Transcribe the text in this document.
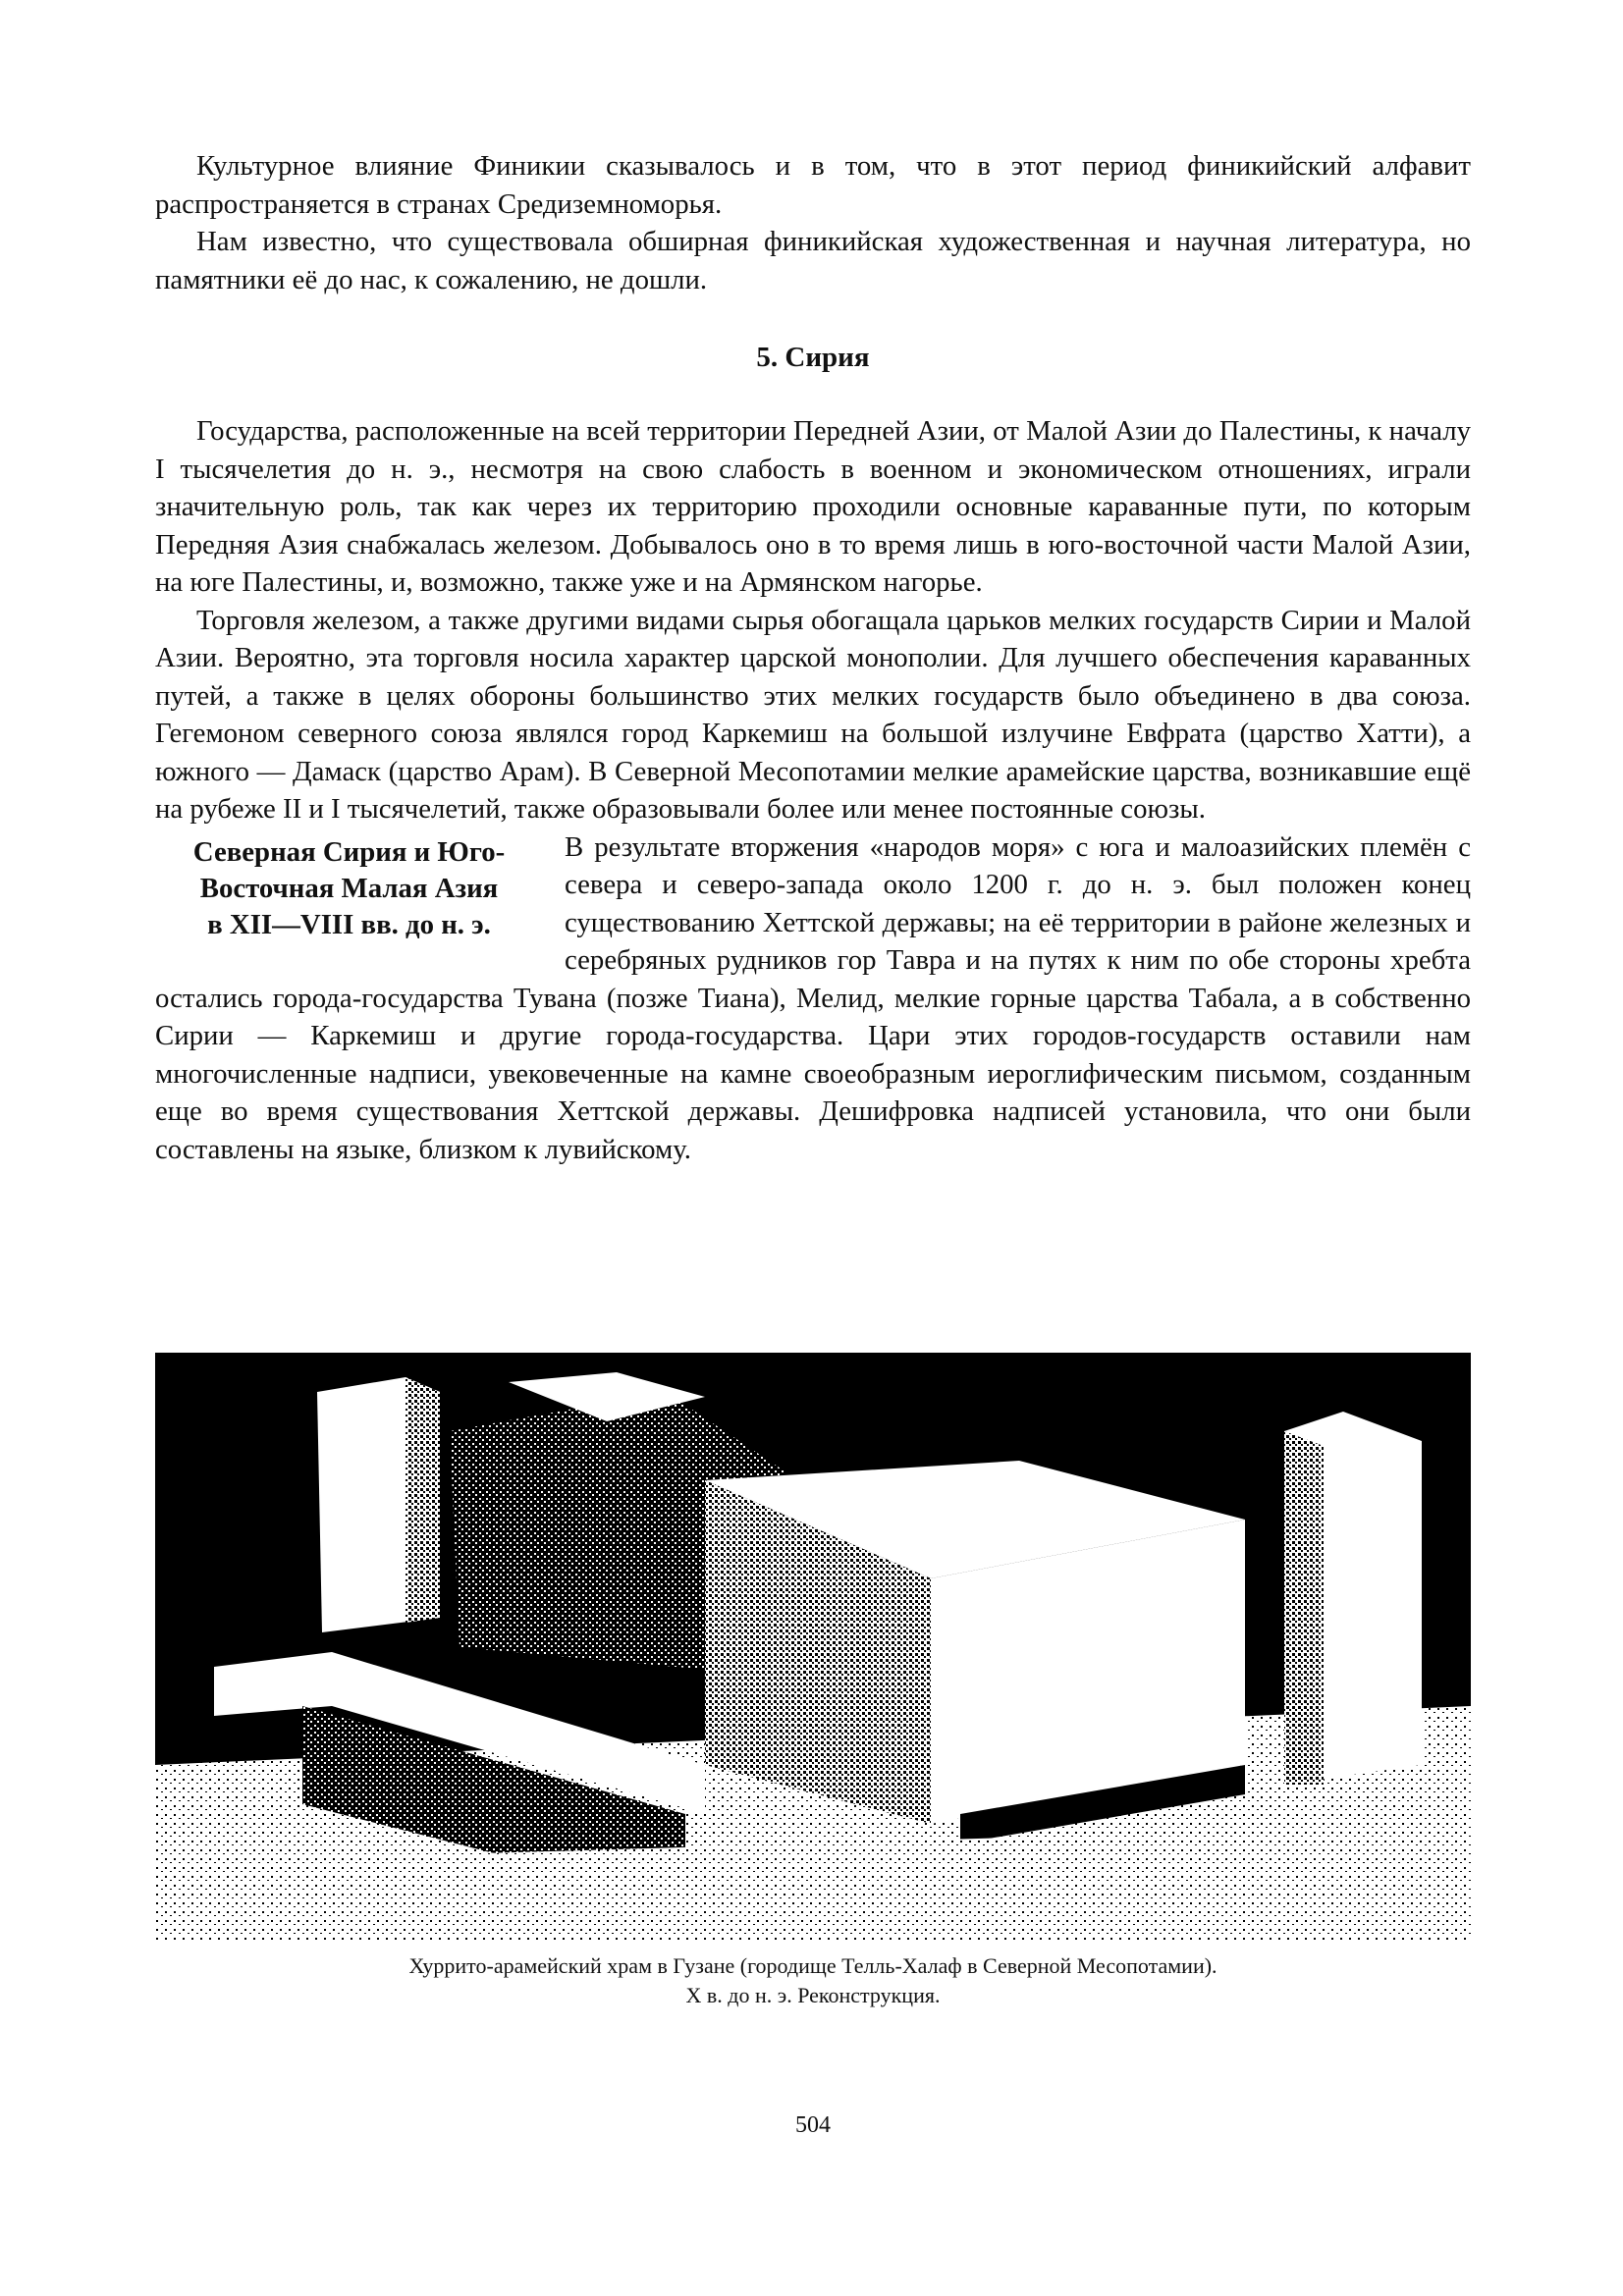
Культурное влияние Финикии сказывалось и в том, что в этот период финикийский алфавит распространяется в странах Средиземноморья.

Нам известно, что существовала обширная финикийская художественная и научная литература, но памятники её до нас, к сожалению, не дошли.

5. Сирия

Государства, расположенные на всей территории Передней Азии, от Малой Азии до Палестины, к началу I тысячелетия до н. э., несмотря на свою слабость в военном и экономическом отношениях, играли значительную роль, так как через их территорию проходили основные караванные пути, по которым Передняя Азия снабжалась железом. Добывалось оно в то время лишь в юго-восточной части Малой Азии, на юге Палестины, и, возможно, также уже и на Армянском нагорье.

Торговля железом, а также другими видами сырья обогащала царьков мелких государств Сирии и Малой Азии. Вероятно, эта торговля носила характер царской монополии. Для лучшего обеспечения караванных путей, а также в целях обороны большинство этих мелких государств было объединено в два союза. Гегемоном северного союза являлся город Каркемиш на большой излучине Евфрата (царство Хатти), а южного — Дамаск (царство Арам). В Северной Месопотамии мелкие арамейские царства, возникавшие ещё на рубеже II и I тысячелетий, также образовывали более или менее постоянные союзы.

Северная Сирия и Юго-
Восточная Малая Азия
в XII—VIII вв. до н. э.

В результате вторжения «народов моря» с юга и малоазийских племён с севера и северо-запада около 1200 г. до н. э. был положен конец существованию Хеттской державы; на её территории в районе железных и серебряных рудников гор Тавра и на путях к ним по обе стороны хребта остались города-государства Тувана (позже Тиана), Мелид, мелкие горные царства Табала, а в собственно Сирии — Каркемиш и другие города-государства. Цари этих городов-государств оставили нам многочисленные надписи, увековеченные на камне своеобразным иероглифическим письмом, созданным еще во время существования Хеттской державы. Дешифровка надписей установила, что они были составлены на языке, близком к лувийскому.

Хуррито-арамейский храм в Гузане (городище Телль-Халаф в Северной Месопотамии).
X в. до н. э. Реконструкция.
504
